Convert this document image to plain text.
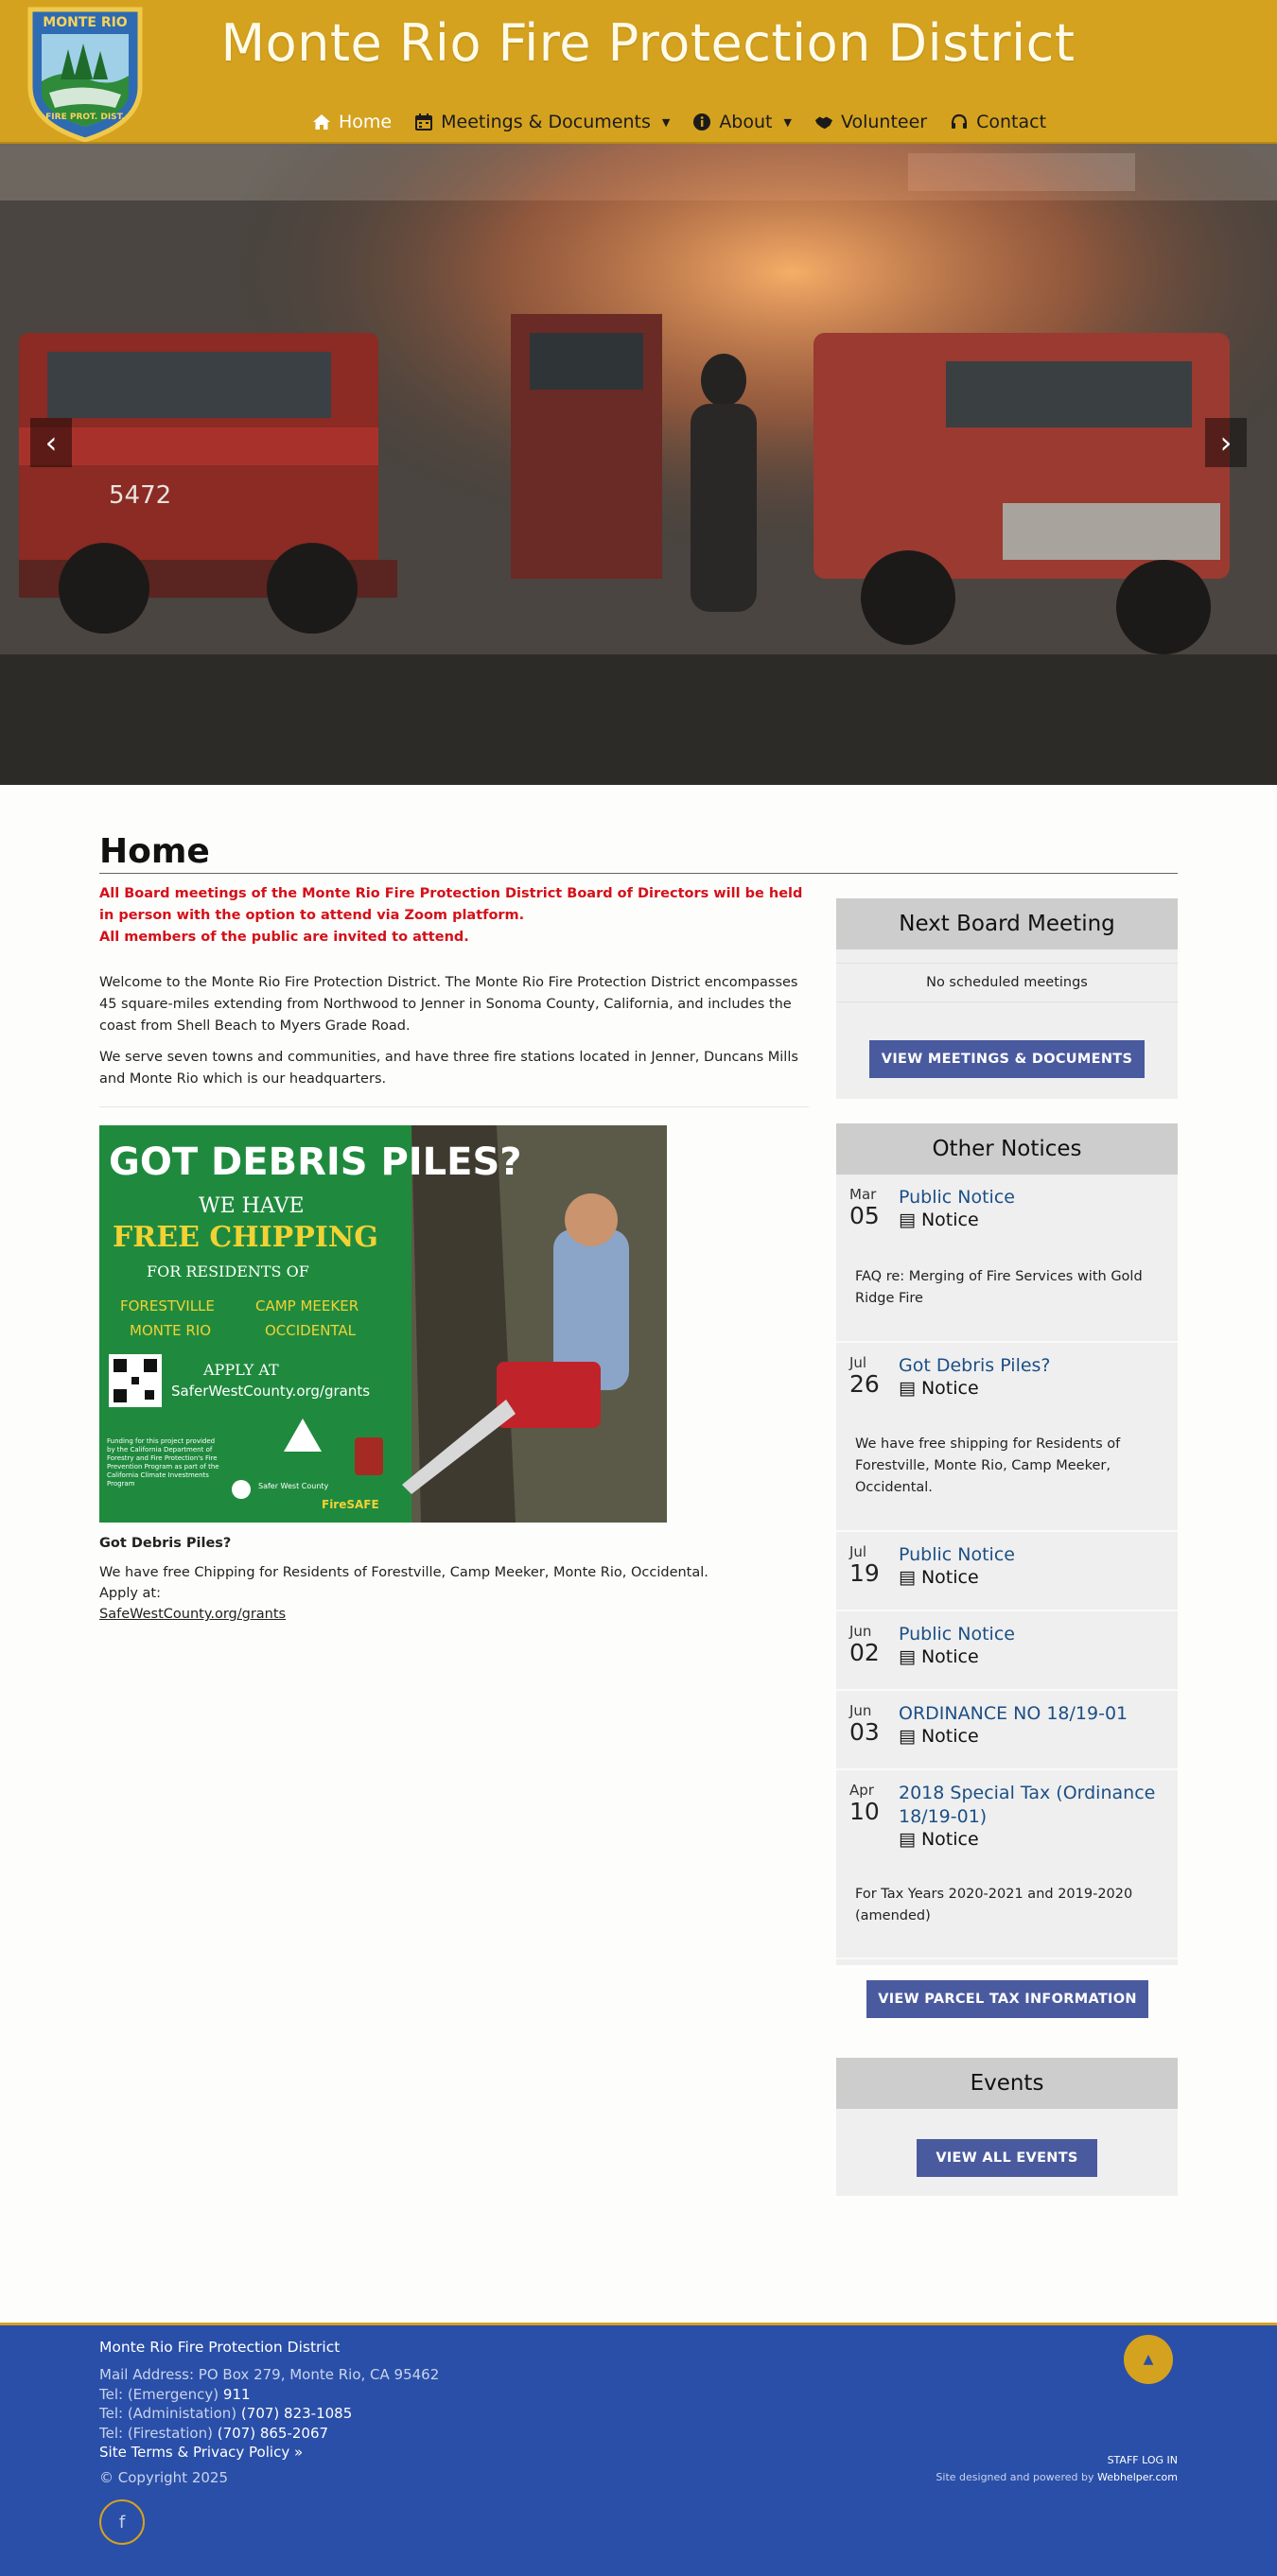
MONTE RIO
FIRE PROT. DIST.
Monte Rio Fire Protection District
Home	Meetings & Documents ▼	About ▼	Volunteer	Contact
5472
‹	›
Home
All Board meetings of the Monte Rio Fire Protection District Board of Directors will be held in person with the option to attend via Zoom platform.
All members of the public are invited to attend.

Welcome to the Monte Rio Fire Protection District. The Monte Rio Fire Protection District encompasses 45 square-miles extending from Northwood to Jenner in Sonoma County, California, and includes the coast from Shell Beach to Myers Grade Road.

We serve seven towns and communities, and have three fire stations located in Jenner, Duncans Mills and Monte Rio which is our headquarters.

GOT DEBRIS PILES?
WE HAVE
FREE CHIPPING
FOR RESIDENTS OF
FORESTVILLE	CAMP MEEKER
MONTE RIO	OCCIDENTAL
APPLY AT
SaferWestCounty.org/grants
Funding for this project provided by the California Department of Forestry and Fire Protection's Fire Prevention Program as part of the California Climate Investments Program	Safer West County
FireSAFE
Got Debris Piles?
We have free Chipping for Residents of Forestville, Camp Meeker, Monte Rio, Occidental.
Apply at:
SafeWestCounty.org/grants
Next Board Meeting
No scheduled meetings
VIEW MEETINGS & DOCUMENTS
Other Notices
Mar
05
Public Notice
▤ Notice
FAQ re: Merging of Fire Services with Gold Ridge Fire
Jul
26
Got Debris Piles?
▤ Notice
We have free shipping for Residents of Forestville, Monte Rio, Camp Meeker, Occidental.
Jul
19
Public Notice
▤ Notice
Jun
02
Public Notice
▤ Notice
Jun
03
ORDINANCE NO 18/19-01
▤ Notice
Apr
10
2018 Special Tax (Ordinance 18/19-01)
▤ Notice
For Tax Years 2020-2021 and 2019-2020 (amended)
VIEW PARCEL TAX INFORMATION
Events
VIEW ALL EVENTS
Monte Rio Fire Protection District
Mail Address: PO Box 279, Monte Rio, CA 95462
Tel: (Emergency) 911
Tel: (Administation) (707) 823-1085
Tel: (Firestation) (707) 865-2067
Site Terms & Privacy Policy »
© Copyright 2025
f
▲
STAFF LOG IN
Site designed and powered by Webhelper.com
